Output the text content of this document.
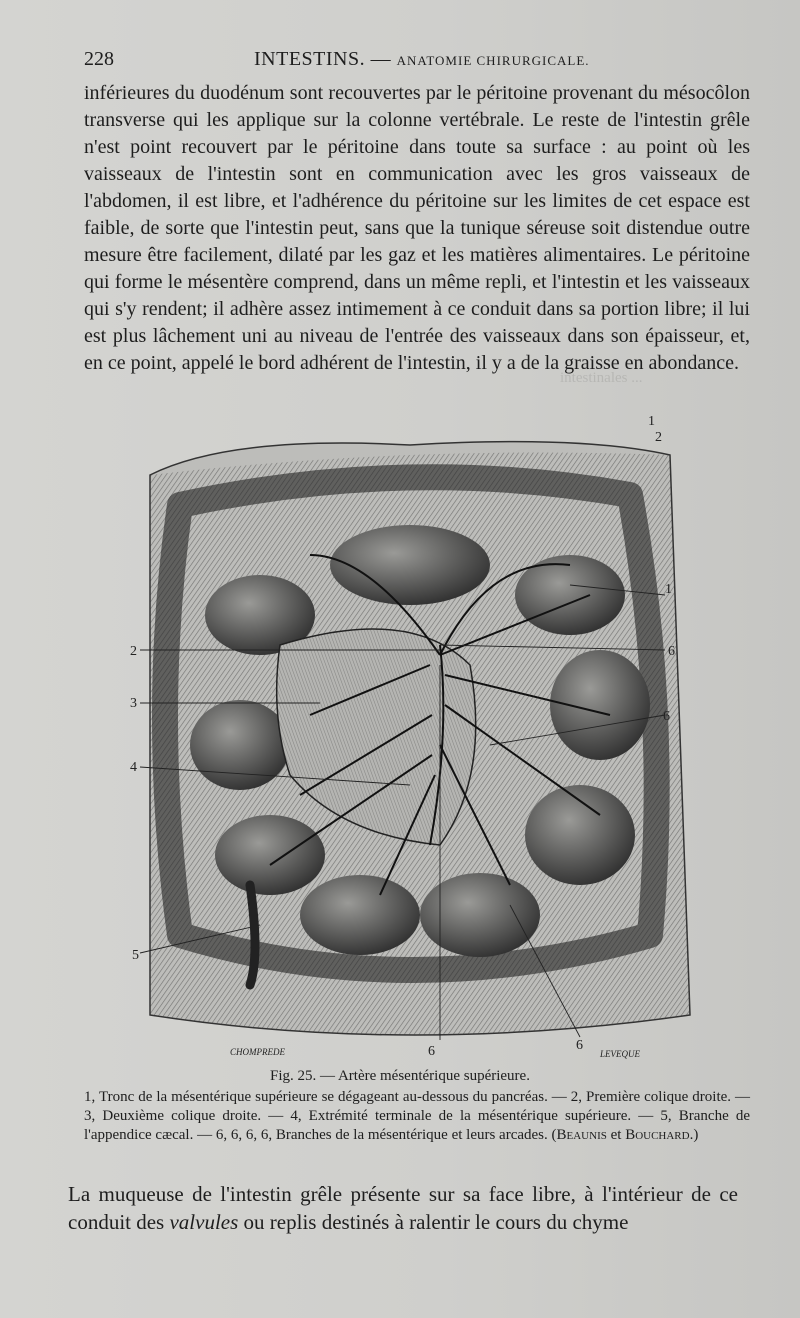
intestinales ...
228	INTESTINS. — ANATOMIE CHIRURGICALE.

inférieures du duodénum sont recouvertes par le péritoine provenant du mésocôlon transverse qui les applique sur la colonne vertébrale. Le reste de l'intestin grêle n'est point recouvert par le péritoine dans toute sa surface : au point où les vaisseaux de l'intestin sont en communication avec les gros vaisseaux de l'abdomen, il est libre, et l'adhérence du péritoine sur les limites de cet espace est faible, de sorte que l'intestin peut, sans que la tunique séreuse soit distendue outre mesure être facilement, dilaté par les gaz et les matières alimentaires. Le péritoine qui forme le mésentère comprend, dans un même repli, et l'intestin et les vaisseaux qui s'y rendent; il adhère assez intimement à ce conduit dans sa portion libre; il lui est plus lâchement uni au niveau de l'entrée des vaisseaux dans son épaisseur, et, en ce point, appelé le bord adhérent de l'intestin, il y a de la graisse en abondance.

1
2
1
2
3
4
5
6
6
6	6
CHOMPREDE	LEVEQUE
Fig. 25. — Artère mésentérique supérieure.
1, Tronc de la mésentérique supérieure se dégageant au-dessous du pancréas. — 2, Première colique droite. — 3, Deuxième colique droite. — 4, Extrémité terminale de la mésentérique supérieure. — 5, Branche de l'appendice cæcal. — 6, 6, 6, 6, Branches de la mésentérique et leurs arcades. (Beaunis et Bouchard.)
La muqueuse de l'intestin grêle présente sur sa face libre, à l'intérieur de ce conduit des valvules ou replis destinés à ralentir le cours du chyme
